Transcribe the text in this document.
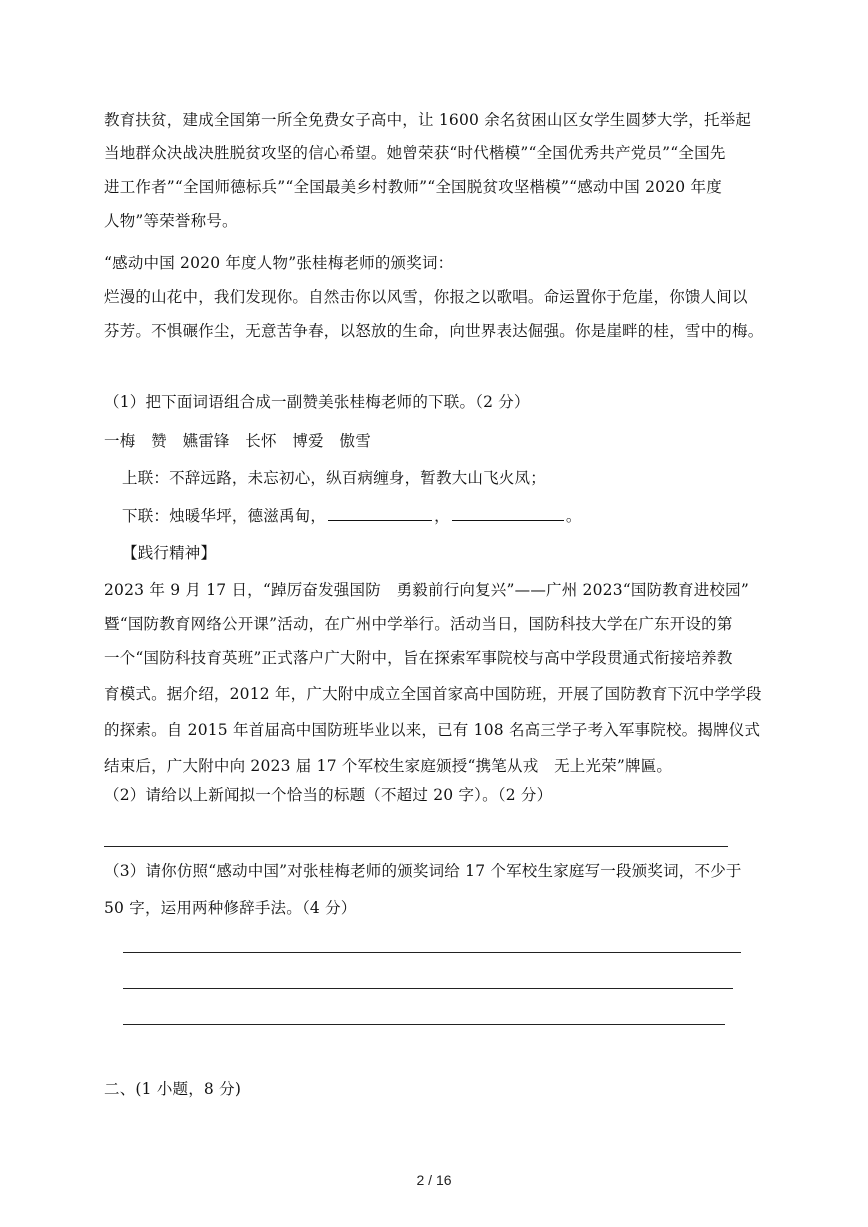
教育扶贫，建成全国第一所全免费女子高中，让 1600 余名贫困山区女学生圆梦大学，托举起
当地群众决战决胜脱贫攻坚的信心希望。她曾荣获“时代楷模”“全国优秀共产党员”“全国先
进工作者”“全国师德标兵”“全国最美乡村教师”“全国脱贫攻坚楷模”“感动中国 2020 年度
人物”等荣誉称号。
“感动中国 2020 年度人物”张桂梅老师的颁奖词：
烂漫的山花中，我们发现你。自然击你以风雪，你报之以歌唱。命运置你于危崖，你馈人间以
芬芳。不惧碾作尘，无意苦争春，以怒放的生命，向世界表达倔强。你是崖畔的桂，雪中的梅。
（1）把下面词语组合成一副赞美张桂梅老师的下联。（2 分）
一梅　赞　嬿雷锋　长怀　博爱　傲雪
上联：不辞远路，未忘初心，纵百病缠身，暂教大山飞火凤；
下联：烛暖华坪，德滋禹甸，	，	。
【践行精神】
2023 年 9 月 17 日，“踔厉奋发强国防　勇毅前行向复兴”——广州 2023“国防教育进校园”
暨“国防教育网络公开课”活动，在广州中学举行。活动当日，国防科技大学在广东开设的第
一个“国防科技育英班”正式落户广大附中，旨在探索军事院校与高中学段贯通式衔接培养教
育模式。据介绍，2012 年，广大附中成立全国首家高中国防班，开展了国防教育下沉中学学段
的探索。自 2015 年首届高中国防班毕业以来，已有 108 名高三学子考入军事院校。揭牌仪式
结束后，广大附中向 2023 届 17 个军校生家庭颁授“携笔从戎　无上光荣”牌匾。
（2）请给以上新闻拟一个恰当的标题（不超过 20 字）。（2 分）
（3）请你仿照“感动中国”对张桂梅老师的颁奖词给 17 个军校生家庭写一段颁奖词，不少于
50 字，运用两种修辞手法。（4 分）
二、(1 小题，8 分)
2 / 16
